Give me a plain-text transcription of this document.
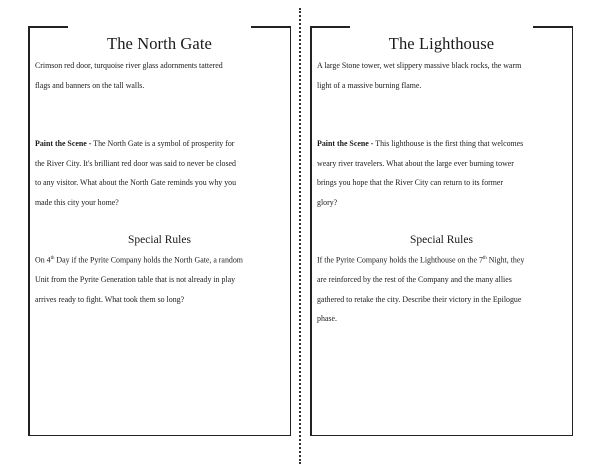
The North Gate

Crimson red door, turquoise river glass adornments tattered
flags and banners on the tall walls.

Paint the Scene - The North Gate is a symbol of prosperity for
the River City. It's brilliant red door was said to never be closed
to any visitor. What about the North Gate reminds you why you
made this city your home?

Special Rules

On 4th Day if the Pyrite Company holds the North Gate, a random
Unit from the Pyrite Generation table that is not already in play
arrives ready to fight. What took them so long?

The Lighthouse

A large Stone tower, wet slippery massive black rocks, the warm
light of a massive burning flame.

Paint the Scene - This lighthouse is the first thing that welcomes
weary river travelers. What about the large ever burning tower
brings you hope that the River City can return to its former
glory?

Special Rules

If the Pyrite Company holds the Lighthouse on the 7th Night, they
are reinforced by the rest of the Company and the many allies
gathered to retake the city. Describe their victory in the Epilogue
phase.
